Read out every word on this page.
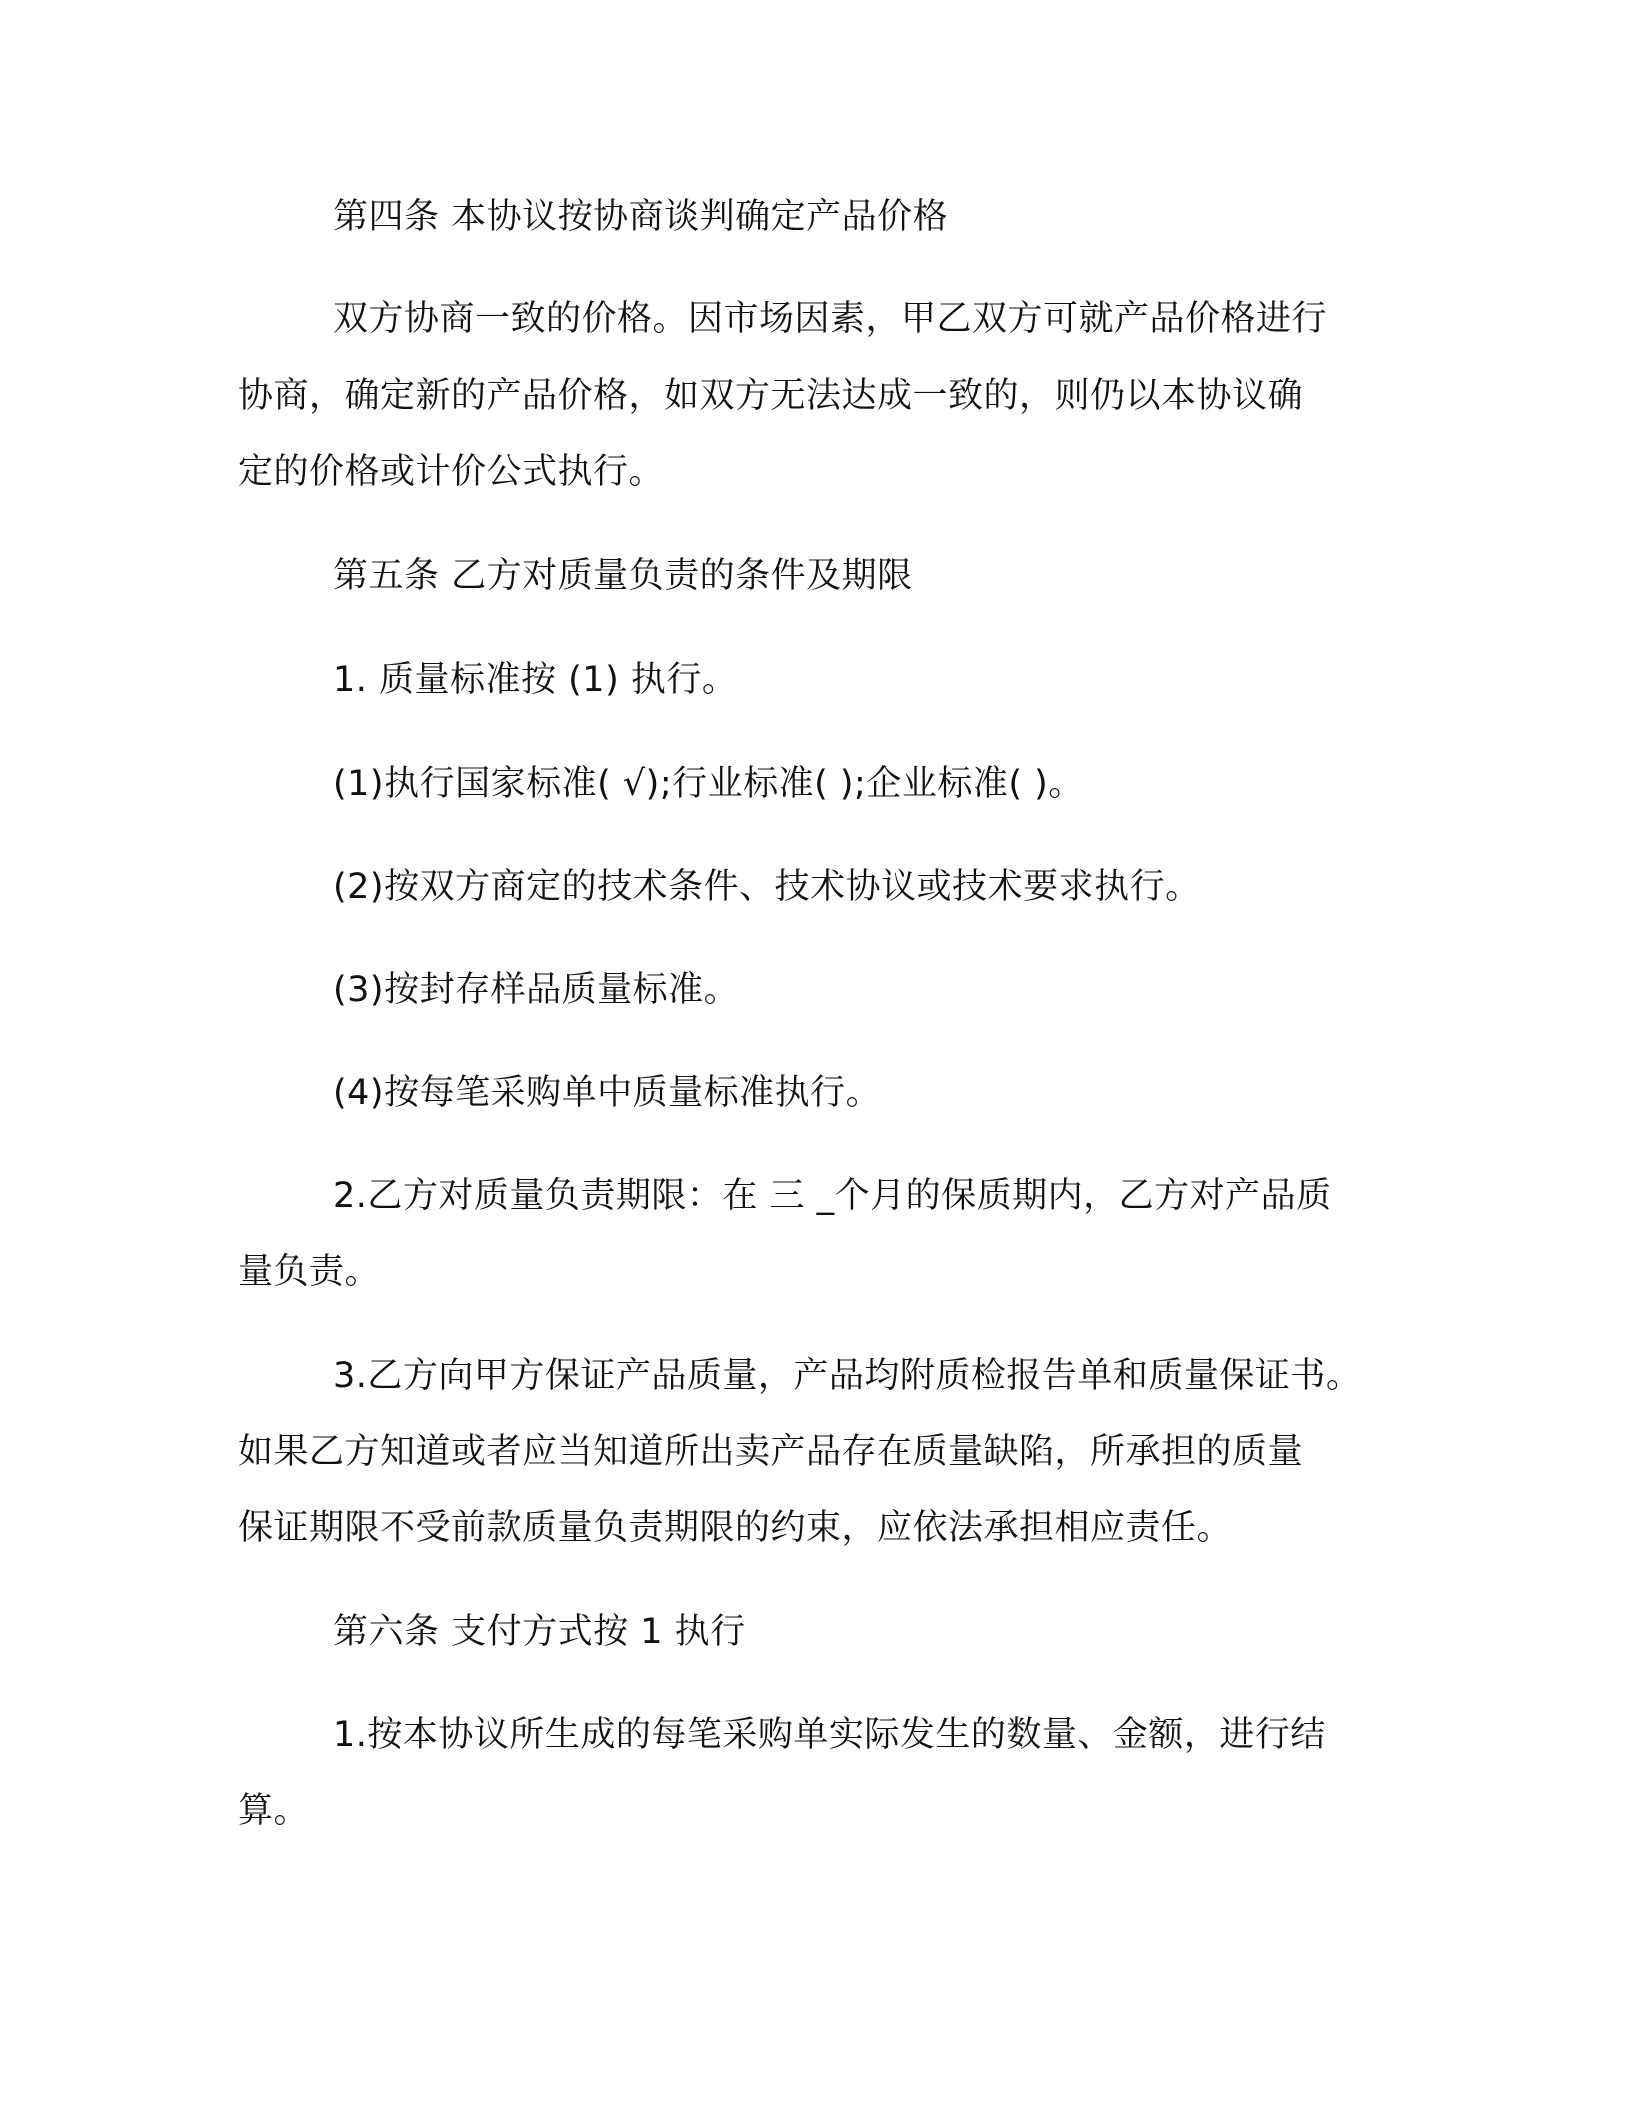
第四条 本协议按协商谈判确定产品价格
双方协商一致的价格。因市场因素，甲乙双方可就产品价格进行
协商，确定新的产品价格，如双方无法达成一致的，则仍以本协议确
定的价格或计价公式执行。
第五条 乙方对质量负责的条件及期限
1. 质量标准按 (1) 执行。
(1)执行国家标准( √);行业标准( );企业标准( )。
(2)按双方商定的技术条件、技术协议或技术要求执行。
(3)按封存样品质量标准。
(4)按每笔采购单中质量标准执行。
2.乙方对质量负责期限：在 三 _个月的保质期内，乙方对产品质
量负责。
3.乙方向甲方保证产品质量，产品均附质检报告单和质量保证书。
如果乙方知道或者应当知道所出卖产品存在质量缺陷，所承担的质量
保证期限不受前款质量负责期限的约束，应依法承担相应责任。
第六条 支付方式按 1 执行
1.按本协议所生成的每笔采购单实际发生的数量、金额，进行结
算。
